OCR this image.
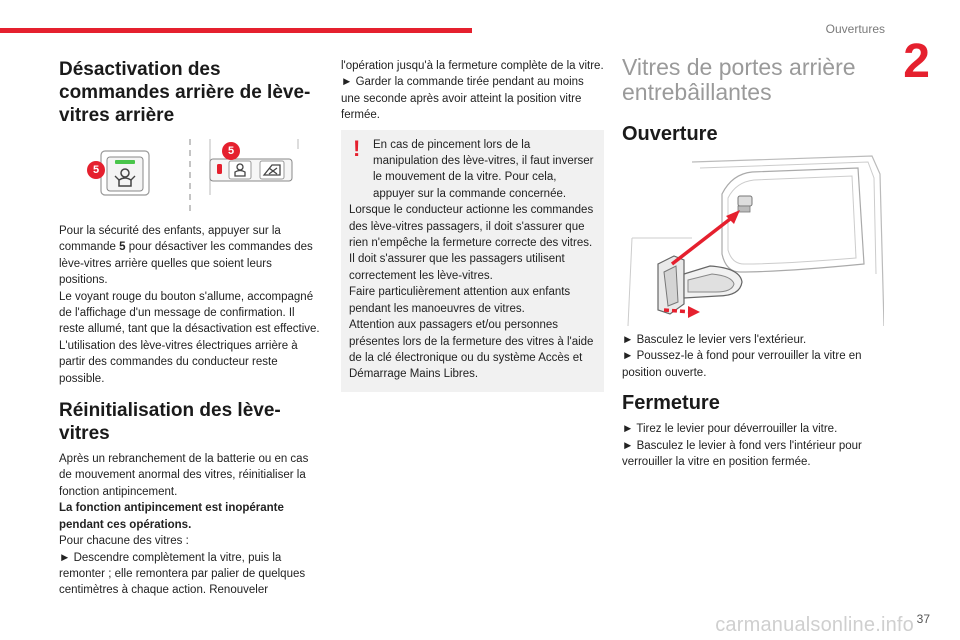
Ouvertures
2
Désactivation des commandes arrière de lève-vitres arrière
5
5

Pour la sécurité des enfants, appuyer sur la commande 5 pour désactiver les commandes des lève-vitres arrière quelles que soient leurs positions.

Le voyant rouge du bouton s'allume, accompagné de l'affichage d'un message de confirmation. Il reste allumé, tant que la désactivation est effective.

L'utilisation des lève-vitres électriques arrière à partir des commandes du conducteur reste possible.

Réinitialisation des lève-vitres

Après un rebranchement de la batterie ou en cas de mouvement anormal des vitres, réinitialiser la fonction antipincement.

La fonction antipincement est inopérante pendant ces opérations.

Pour chacune des vitres :

► Descendre complètement la vitre, puis la remonter ; elle remontera par palier de quelques centimètres à chaque action. Renouveler

l'opération jusqu'à la fermeture complète de la vitre.

► Garder la commande tirée pendant au moins une seconde après avoir atteint la position vitre fermée.

!	En cas de pincement lors de la manipulation des lève-vitres, il faut inverser le mouvement de la vitre. Pour cela, appuyer sur la commande concernée.

Lorsque le conducteur actionne les commandes des lève-vitres passagers, il doit s'assurer que rien n'empêche la fermeture correcte des vitres.

Il doit s'assurer que les passagers utilisent correctement les lève-vitres.

Faire particulièrement attention aux enfants pendant les manoeuvres de vitres.

Attention aux passagers et/ou personnes présentes lors de la fermeture des vitres à l'aide de la clé électronique ou du système Accès et Démarrage Mains Libres.

Vitres de portes arrière entrebâillantes
Ouverture

► Basculez le levier vers l'extérieur.

► Poussez-le à fond pour verrouiller la vitre en position ouverte.

Fermeture

► Tirez le levier pour déverrouiller la vitre.

► Basculez le levier à fond vers l'intérieur pour verrouiller la vitre en position fermée.

carmanualsonline.info 37
